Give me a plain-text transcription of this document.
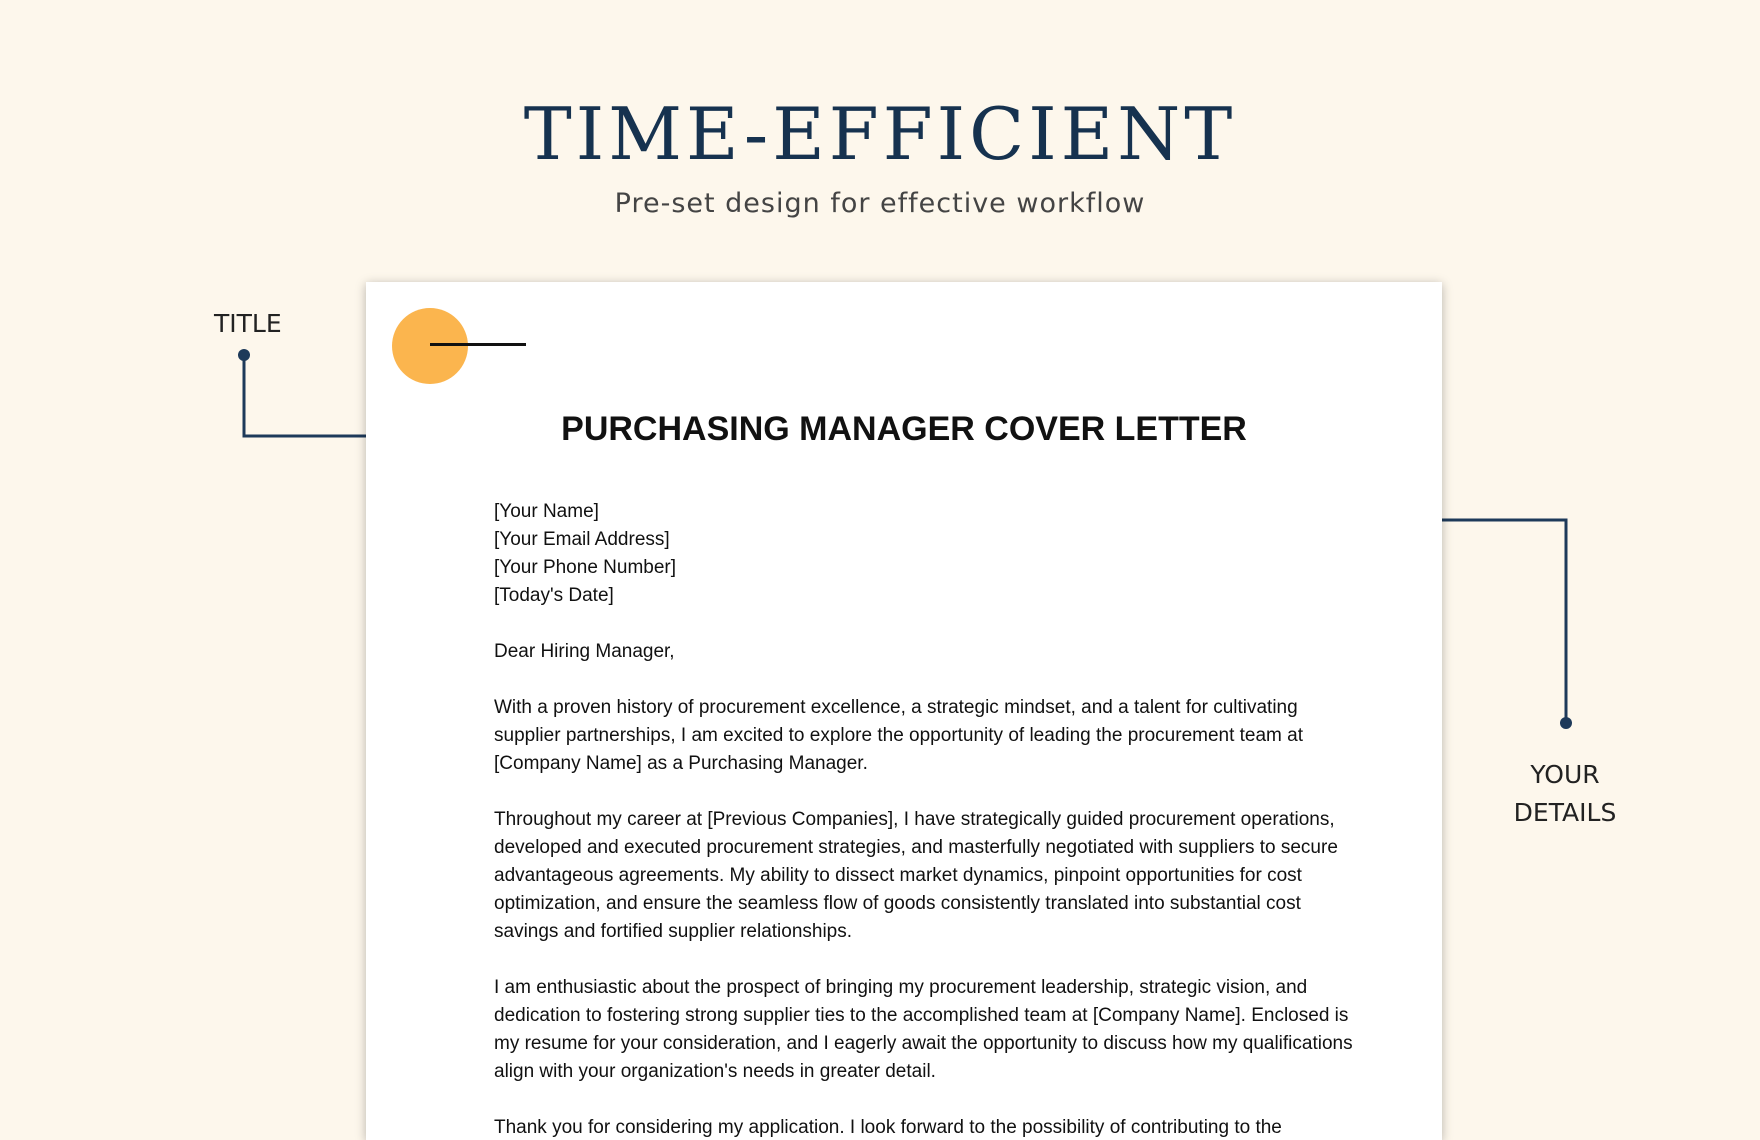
TIME-EFFICIENT
Pre-set design for effective workflow
TITLE
YOUR
DETAILS
PURCHASING MANAGER COVER LETTER

[Your Name]
[Your Email Address]
[Your Phone Number]
[Today's Date]

Dear Hiring Manager,

With a proven history of procurement excellence, a strategic mindset, and a talent for cultivating supplier partnerships, I am excited to explore the opportunity of leading the procurement team at [Company Name] as a Purchasing Manager.

Throughout my career at [Previous Companies], I have strategically guided procurement operations, developed and executed procurement strategies, and masterfully negotiated with suppliers to secure advantageous agreements. My ability to dissect market dynamics, pinpoint opportunities for cost optimization, and ensure the seamless flow of goods consistently translated into substantial cost savings and fortified supplier relationships.

I am enthusiastic about the prospect of bringing my procurement leadership, strategic vision, and dedication to fostering strong supplier ties to the accomplished team at [Company Name]. Enclosed is my resume for your consideration, and I eagerly await the opportunity to discuss how my qualifications align with your organization's needs in greater detail.

Thank you for considering my application. I look forward to the possibility of contributing to the
